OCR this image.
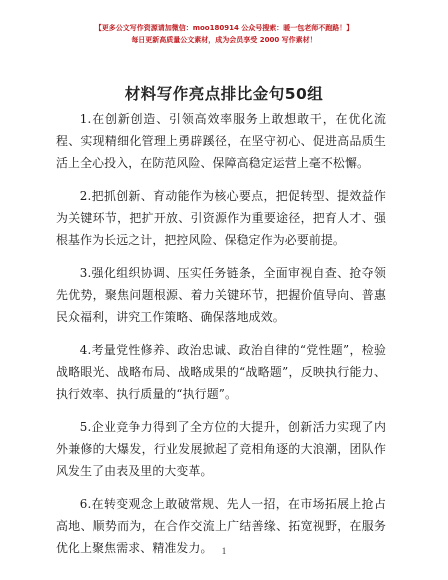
【更多公文写作资源请加微信：moo180914 公众号搜索：暖一包老师不跑路！】
每日更新高质量公文素材，成为会员享受 2000 写作素材！
材料写作亮点排比金句50组

1.在创新创造、引领高效率服务上敢想敢干，在优化流程、实现精细化管理上勇辟蹊径，在坚守初心、促进高品质生活上全心投入，在防范风险、保障高稳定运营上毫不松懈。

2.把抓创新、育动能作为核心要点，把促转型、提效益作为关键环节，把扩开放、引资源作为重要途径，把育人才、强根基作为长远之计，把控风险、保稳定作为必要前提。

3.强化组织协调、压实任务链条，全面审视自查、抢夺领先优势，聚焦问题根源、着力关键环节，把握价值导向、普惠民众福利，讲究工作策略、确保落地成效。

4.考量党性修养、政治忠诚、政治自律的“党性题”，检验战略眼光、战略布局、战略成果的“战略题”，反映执行能力、执行效率、执行质量的“执行题”。

5.企业竞争力得到了全方位的大提升，创新活力实现了内外兼修的大爆发，行业发展掀起了竞相角逐的大浪潮，团队作风发生了由表及里的大变革。

6.在转变观念上敢破常规、先人一招，在市场拓展上抢占高地、顺势而为，在合作交流上广结善缘、拓宽视野，在服务优化上聚焦需求、精准发力。	1
